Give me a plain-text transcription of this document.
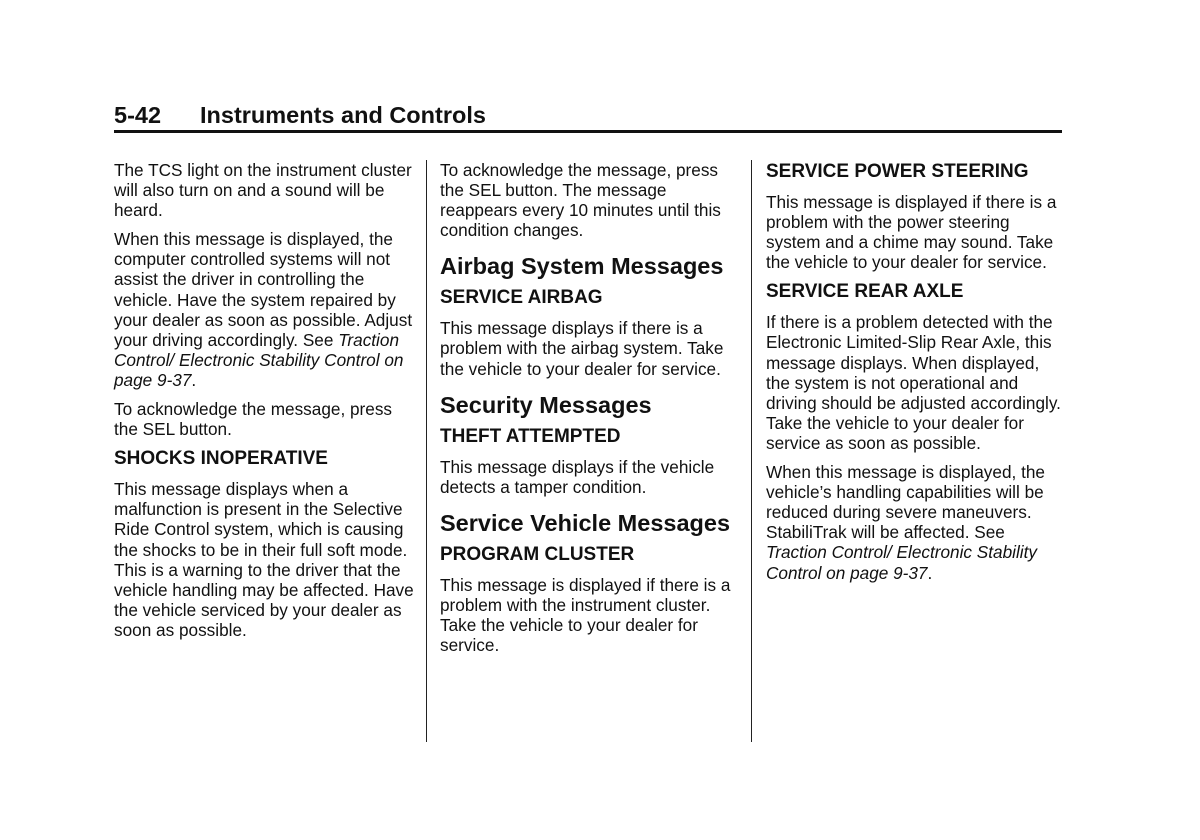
5-42 Instruments and Controls

The TCS light on the instrument cluster will also turn on and a sound will be heard.

When this message is displayed, the computer controlled systems will not assist the driver in controlling the vehicle. Have the system repaired by your dealer as soon as possible. Adjust your driving accordingly. See Traction Control/ Electronic Stability Control on page 9-37.

To acknowledge the message, press the SEL button.

SHOCKS INOPERATIVE

This message displays when a malfunction is present in the Selective Ride Control system, which is causing the shocks to be in their full soft mode. This is a warning to the driver that the vehicle handling may be affected. Have the vehicle serviced by your dealer as soon as possible.

To acknowledge the message, press the SEL button. The message reappears every 10 minutes until this condition changes.

Airbag System Messages
SERVICE AIRBAG

This message displays if there is a problem with the airbag system. Take the vehicle to your dealer for service.

Security Messages
THEFT ATTEMPTED

This message displays if the vehicle detects a tamper condition.

Service Vehicle Messages
PROGRAM CLUSTER

This message is displayed if there is a problem with the instrument cluster. Take the vehicle to your dealer for service.

SERVICE POWER STEERING

This message is displayed if there is a problem with the power steering system and a chime may sound. Take the vehicle to your dealer for service.

SERVICE REAR AXLE

If there is a problem detected with the Electronic Limited-Slip Rear Axle, this message displays. When displayed, the system is not operational and driving should be adjusted accordingly. Take the vehicle to your dealer for service as soon as possible.

When this message is displayed, the vehicle’s handling capabilities will be reduced during severe maneuvers. StabiliTrak will be affected. See Traction Control/ Electronic Stability Control on page 9-37.
